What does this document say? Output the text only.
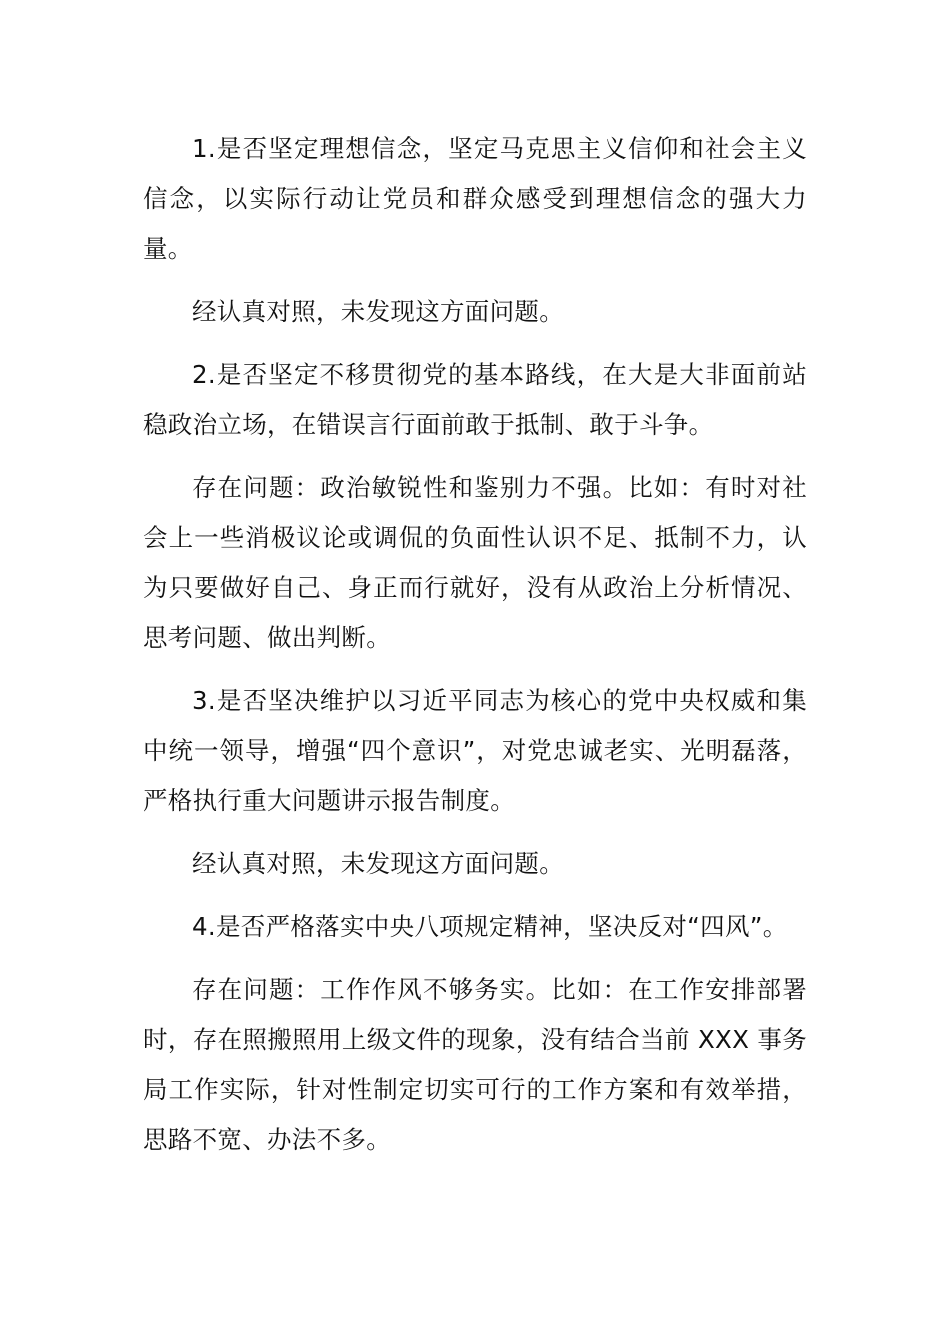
1.是否坚定理想信念，坚定马克思主义信仰和社会主义信念，以实际行动让党员和群众感受到理想信念的强大力量。

经认真对照，未发现这方面问题。

2.是否坚定不移贯彻党的基本路线，在大是大非面前站稳政治立场，在错误言行面前敢于抵制、敢于斗争。

存在问题：政治敏锐性和鉴别力不强。比如：有时对社会上一些消极议论或调侃的负面性认识不足、抵制不力，认为只要做好自己、身正而行就好，没有从政治上分析情况、思考问题、做出判断。

3.是否坚决维护以习近平同志为核心的党中央权威和集中统一领导，增强“四个意识”，对党忠诚老实、光明磊落，严格执行重大问题讲示报告制度。

经认真对照，未发现这方面问题。

4.是否严格落实中央八项规定精神，坚决反对“四风”。

存在问题：工作作风不够务实。比如：在工作安排部署时，存在照搬照用上级文件的现象，没有结合当前 XXX 事务局工作实际，针对性制定切实可行的工作方案和有效举措，思路不宽、办法不多。
